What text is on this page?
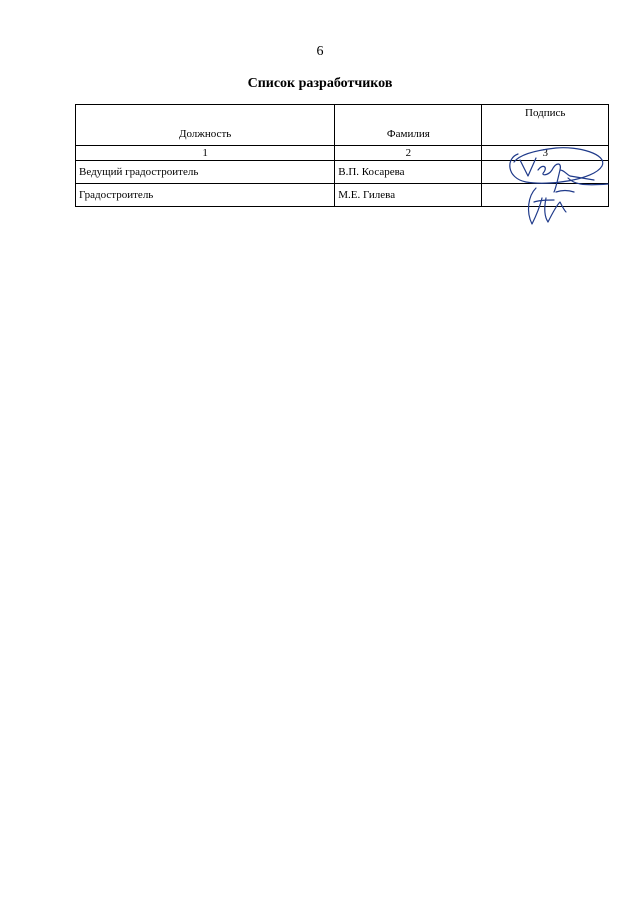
6
Список разработчиков
Должность	Фамилия	Подпись
1	2	3
Ведущий градостроитель	В.П. Косарева	
Градостроитель	М.Е. Гилева	
